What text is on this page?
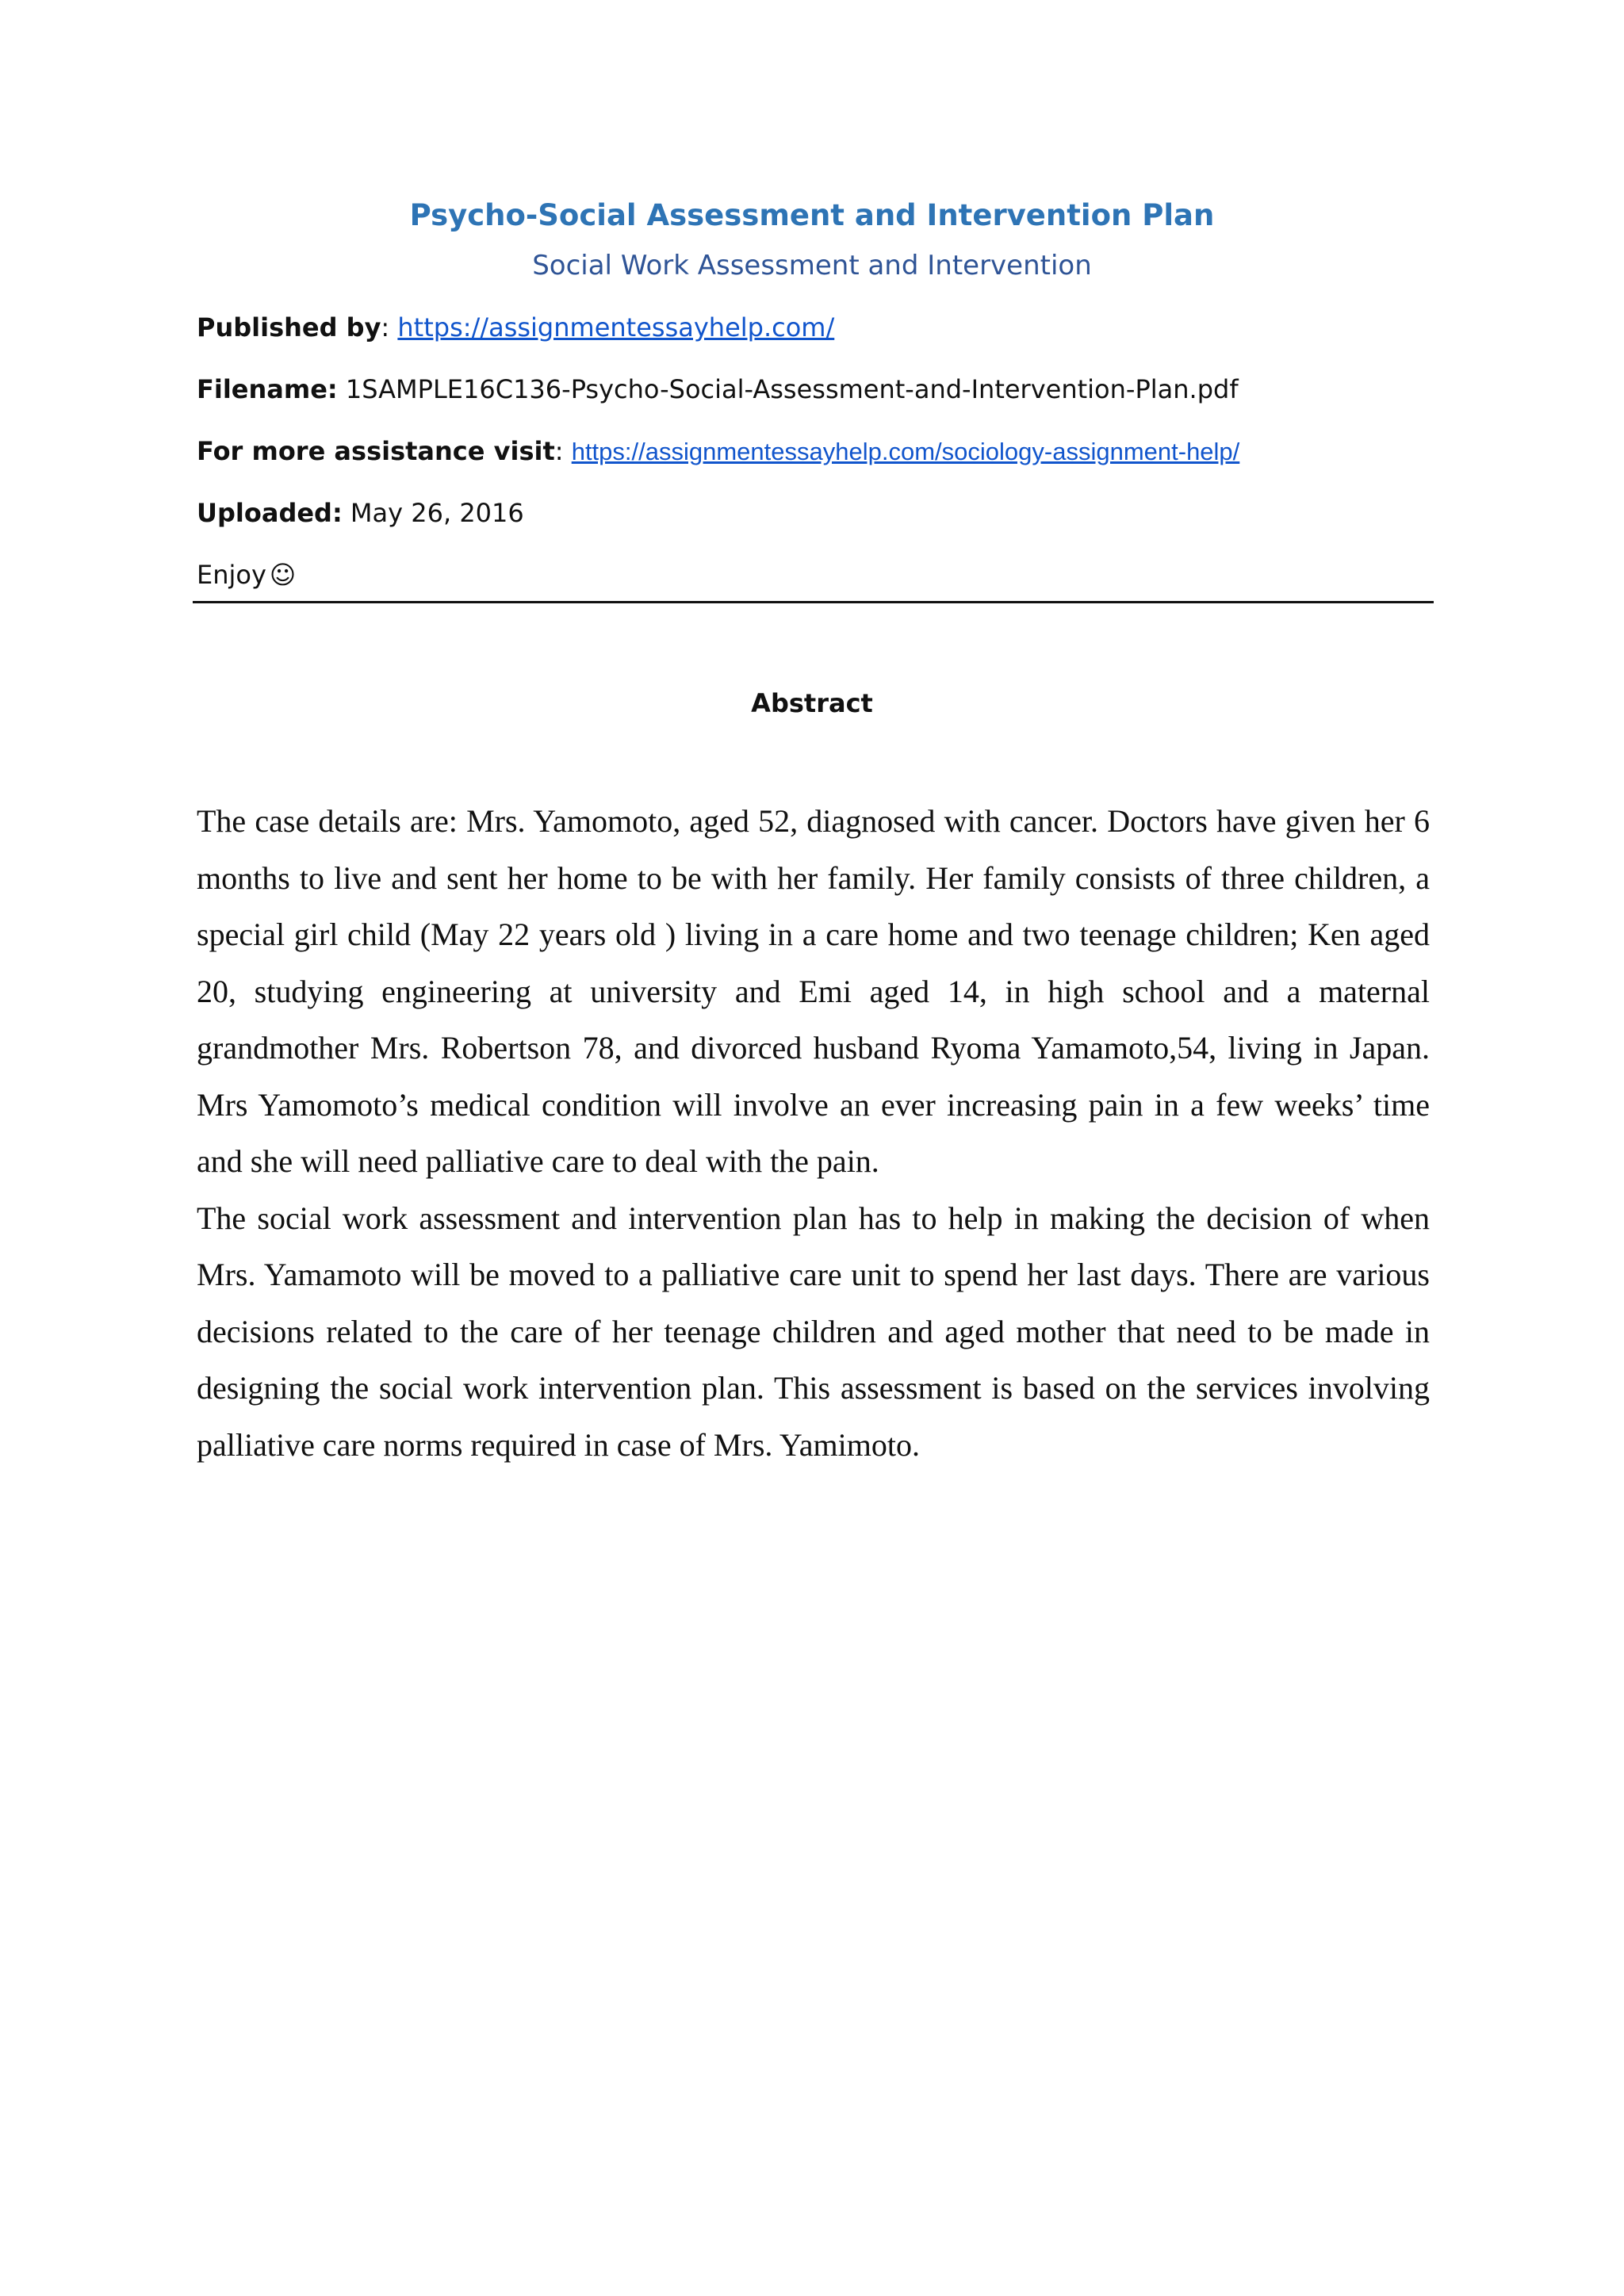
Psycho-Social Assessment and Intervention Plan
Social Work Assessment and Intervention
Published by: https://assignmentessayhelp.com/
Filename: 1SAMPLE16C136-Psycho-Social-Assessment-and-Intervention-Plan.pdf
For more assistance visit: https://assignmentessayhelp.com/sociology-assignment-help/
Uploaded: May 26, 2016
Enjoy ☺
Abstract

The case details are: Mrs. Yamomoto, aged 52, diagnosed with cancer. Doctors have given her 6 months to live and sent her home to be with her family. Her family consists of three children, a special girl child (May 22 years old ) living in a care home and two teenage children; Ken aged 20, studying engineering at university and Emi aged 14, in high school and a maternal grandmother Mrs. Robertson 78, and divorced husband Ryoma Yamamoto,54, living in Japan. Mrs Yamomoto’s medical condition will involve an ever increasing pain in a few weeks’ time and she will need palliative care to deal with the pain.

The social work assessment and intervention plan has to help in making the decision of when Mrs. Yamamoto will be moved to a palliative care unit to spend her last days. There are various decisions related to the care of her teenage children and aged mother that need to be made in designing the social work intervention plan. This assessment is based on the services involving palliative care norms required in case of Mrs. Yamimoto.
